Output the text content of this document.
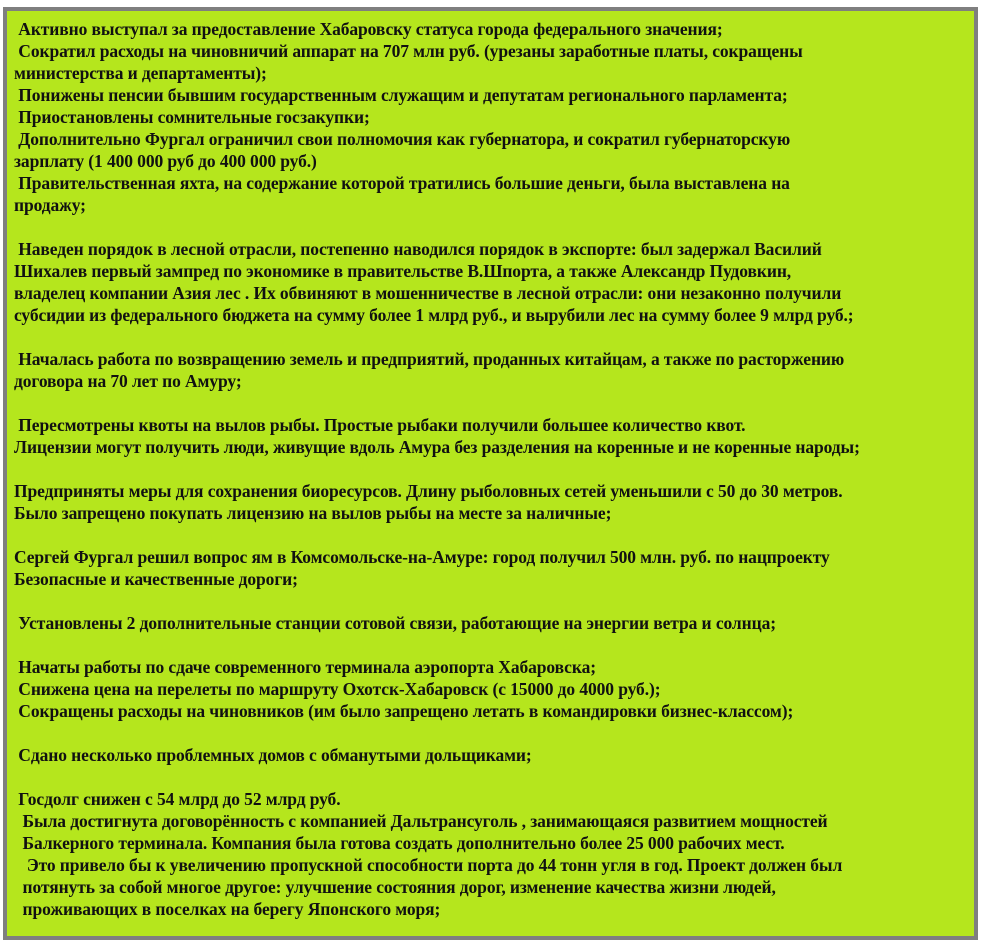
Активно выступал за предоставление Хабаровску статуса города федерального значения;
Сократил расходы на чиновничий аппарат на 707 млн руб. (урезаны заработные платы, сокращены
министерства и департаменты);
Понижены пенсии бывшим государственным служащим и депутатам регионального парламента;
Приостановлены сомнительные госзакупки;
Дополнительно Фургал ограничил свои полномочия как губернатора, и сократил губернаторскую
зарплату (1 400 000 руб до 400 000 руб.)
Правительственная яхта, на содержание которой тратились большие деньги, была выставлена на
продажу;
Наведен порядок в лесной отрасли, постепенно наводился порядок в экспорте: был задержал Василий
Шихалев первый зампред по экономике в правительстве В.Шпорта, а также Александр Пудовкин,
владелец компании Азия лес . Их обвиняют в мошенничестве в лесной отрасли: они незаконно получили
субсидии из федерального бюджета на сумму более 1 млрд руб., и вырубили лес на сумму более 9 млрд руб.;
Началась работа по возвращению земель и предприятий, проданных китайцам, а также по расторжению
договора на 70 лет по Амуру;
Пересмотрены квоты на вылов рыбы. Простые рыбаки получили большее количество квот.
Лицензии могут получить люди, живущие вдоль Амура без разделения на коренные и не коренные народы;
Предприняты меры для сохранения биоресурсов. Длину рыболовных сетей уменьшили с 50 до 30 метров.
Было запрещено покупать лицензию на вылов рыбы на месте за наличные;
Сергей Фургал решил вопрос ям в Комсомольске-на-Амуре: город получил 500 млн. руб. по нацпроекту
Безопасные и качественные дороги;
Установлены 2 дополнительные станции сотовой связи, работающие на энергии ветра и солнца;
Начаты работы по сдаче современного терминала аэропорта Хабаровска;
Снижена цена на перелеты по маршруту Охотск-Хабаровск (с 15000 до 4000 руб.);
Сокращены расходы на чиновников (им было запрещено летать в командировки бизнес-классом);
Сдано несколько проблемных домов с обманутыми дольщиками;
Госдолг снижен с 54 млрд до 52 млрд руб.
Была достигнута договорённость с компанией Дальтрансуголь , занимающаяся развитием мощностей
Балкерного терминала. Компания была готова создать дополнительно более 25 000 рабочих мест.
Это привело бы к увеличению пропускной способности порта до 44 тонн угля в год. Проект должен был
потянуть за собой многое другое: улучшение состояния дорог, изменение качества жизни людей,
проживающих в поселках на берегу Японского моря;
